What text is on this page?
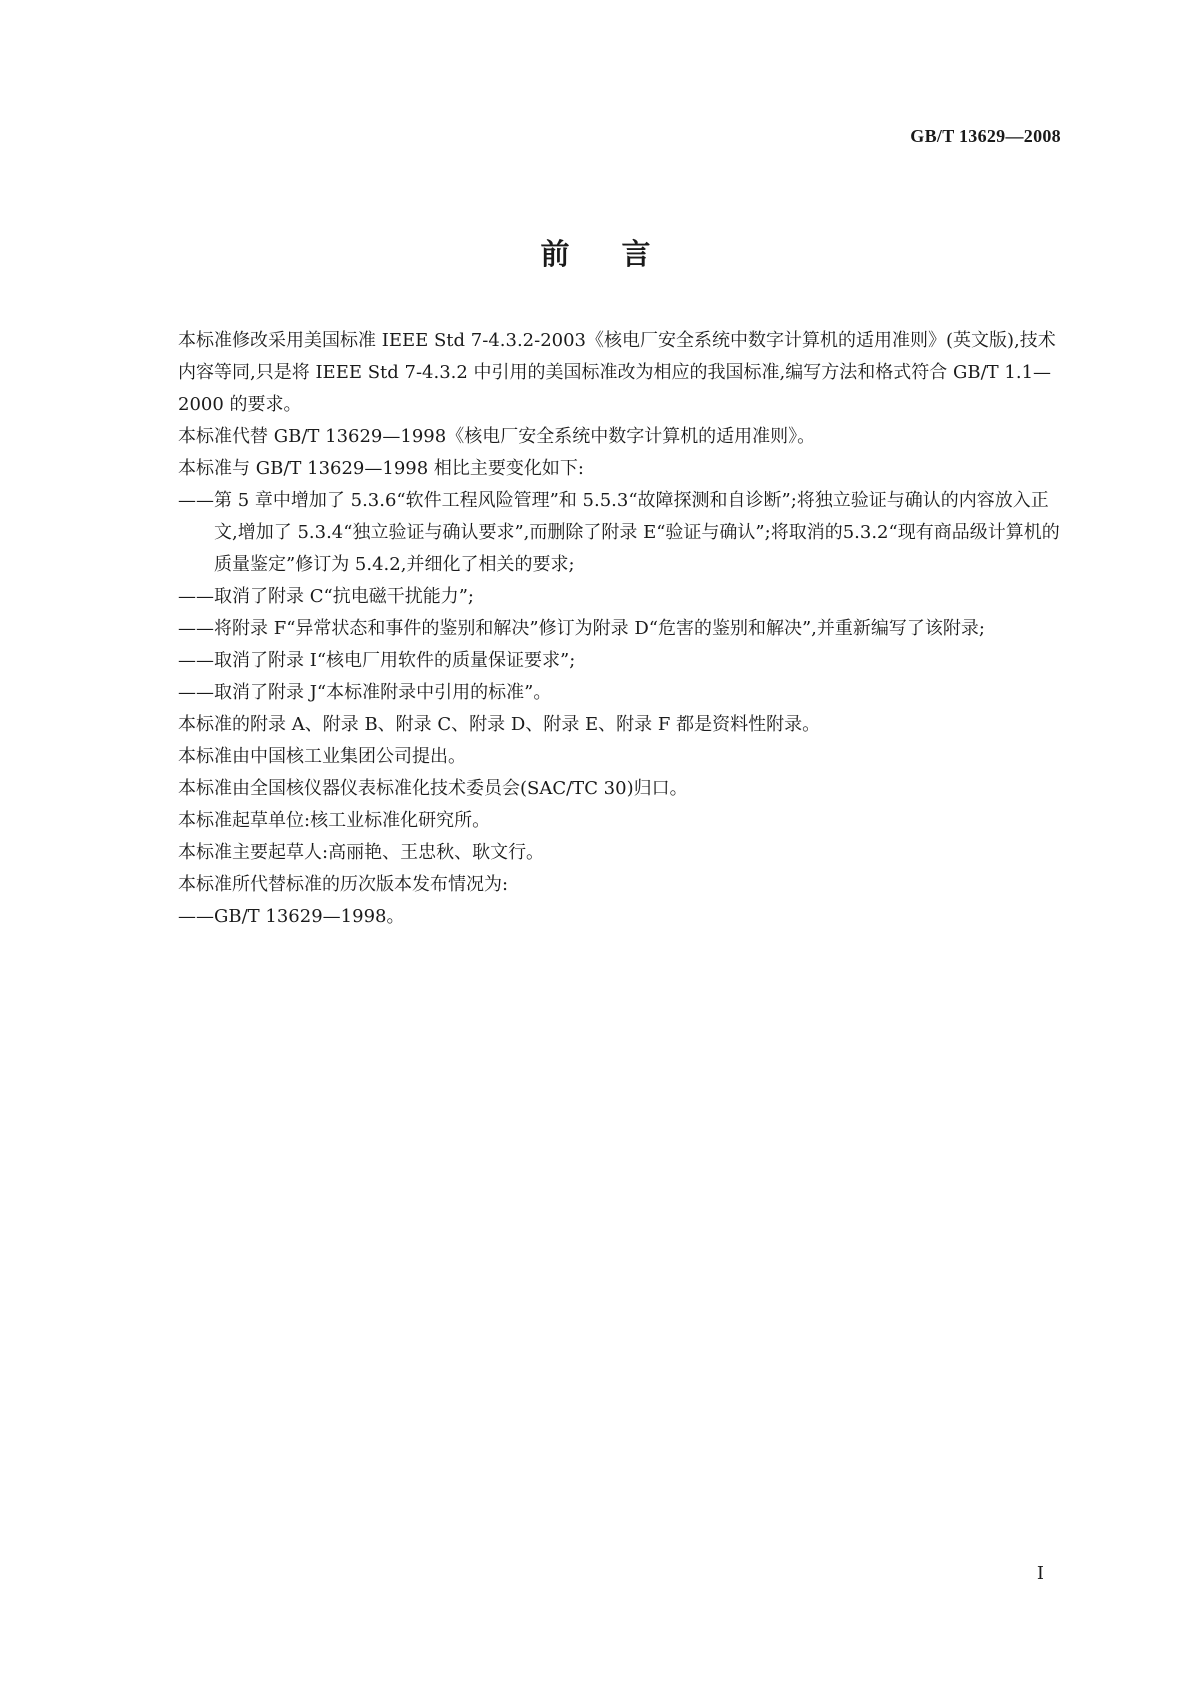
GB/T 13629—2008
前言

本标准修改采用美国标准 IEEE Std 7-4.3.2-2003《核电厂安全系统中数字计算机的适用准则》(英文版),技术内容等同,只是将 IEEE Std 7-4.3.2 中引用的美国标准改为相应的我国标准,编写方法和格式符合 GB/T 1.1—2000 的要求。

本标准代替 GB/T 13629—1998《核电厂安全系统中数字计算机的适用准则》。

本标准与 GB/T 13629—1998 相比主要变化如下:

——第 5 章中增加了 5.3.6“软件工程风险管理”和 5.5.3“故障探测和自诊断”;将独立验证与确认的内容放入正文,增加了 5.3.4“独立验证与确认要求”,而删除了附录 E“验证与确认”;将取消的5.3.2“现有商品级计算机的质量鉴定”修订为 5.4.2,并细化了相关的要求;

——取消了附录 C“抗电磁干扰能力”;

——将附录 F“异常状态和事件的鉴别和解决”修订为附录 D“危害的鉴别和解决”,并重新编写了该附录;

——取消了附录 I“核电厂用软件的质量保证要求”;

——取消了附录 J“本标准附录中引用的标准”。

本标准的附录 A、附录 B、附录 C、附录 D、附录 E、附录 F 都是资料性附录。

本标准由中国核工业集团公司提出。

本标准由全国核仪器仪表标准化技术委员会(SAC/TC 30)归口。

本标准起草单位:核工业标准化研究所。

本标准主要起草人:高丽艳、王忠秋、耿文行。

本标准所代替标准的历次版本发布情况为:

——GB/T 13629—1998。

I
